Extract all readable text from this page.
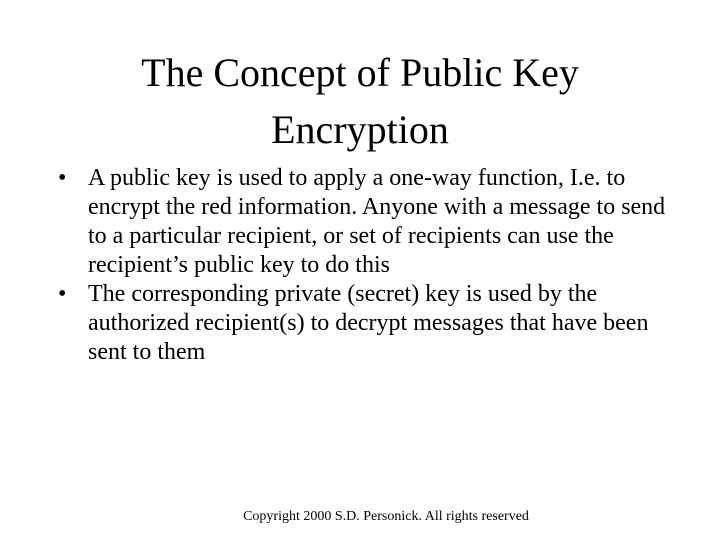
The Concept of Public Key
Encryption
• A public key is used to apply a one-way function, I.e. to encrypt the red information. Anyone with a message to send to a particular recipient, or set of recipients can use the recipient’s public key to do this
• The corresponding private (secret) key is used by the authorized recipient(s) to decrypt messages that have been sent to them
Copyright 2000 S.D. Personick. All rights reserved
